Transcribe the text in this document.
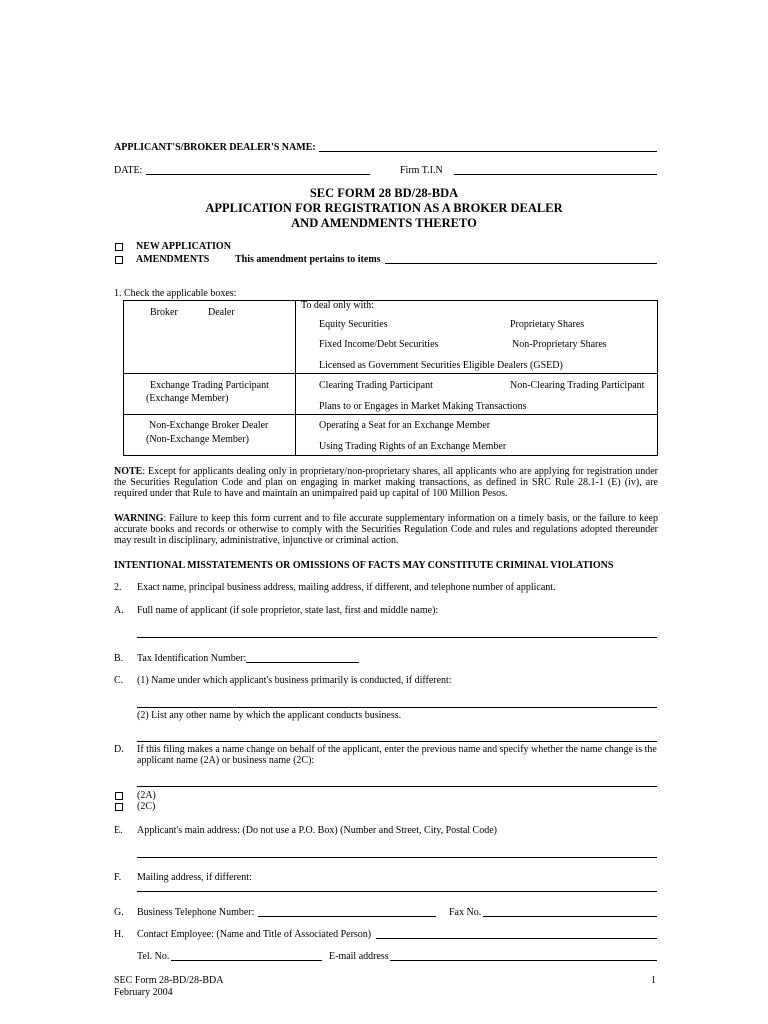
APPLICANT'S/BROKER DEALER'S NAME:
DATE:	Firm T.I.N
SEC FORM 28 BD/28-BDA
APPLICATION FOR REGISTRATION AS A BROKER DEALER
AND AMENDMENTS THERETO
NEW APPLICATION
AMENDMENTS	This amendment pertains to items
1. Check the applicable boxes:
Broker	Dealer
To deal only with:
Equity Securities	Proprietary Shares
Fixed Income/Debt Securities	Non-Proprietary Shares
Licensed as Government Securities Eligible Dealers (GSED)
Exchange Trading Participant
(Exchange Member)
Clearing Trading Participant	Non-Clearing Trading Participant
Plans to or Engages in Market Making Transactions
Non-Exchange Broker Dealer
(Non-Exchange Member)
Operating a Seat for an Exchange Member
Using Trading Rights of an Exchange Member
NOTE: Except for applicants dealing only in proprietary/non-proprietary shares, all applicants who are applying for registration under the Securities Regulation Code and plan on engaging in market making transactions, as defined in SRC Rule 28.1-1 (E) (iv), are required under that Rule to have and maintain an unimpaired paid up capital of 100 Million Pesos.
WARNING: Failure to keep this form current and to file accurate supplementary information on a timely basis, or the failure to keep accurate books and records or otherwise to comply with the Securities Regulation Code and rules and regulations adopted thereunder may result in disciplinary, administrative, injunctive or criminal action.
INTENTIONAL MISSTATEMENTS OR OMISSIONS OF FACTS MAY CONSTITUTE CRIMINAL VIOLATIONS
2. Exact name, principal business address, mailing address, if different, and telephone number of applicant.
A. Full name of applicant (if sole proprietor, state last, first and middle name):
B. Tax Identification Number:
C. (1) Name under which applicant's business primarily is conducted, if different:
(2) List any other name by which the applicant conducts business.
D. If this filing makes a name change on behalf of the applicant, enter the previous name and specify whether the name change is the applicant name (2A) or business name (2C):
(2A)
(2C)
E. Applicant's main address: (Do not use a P.O. Box) (Number and Street, City, Postal Code)
F. Mailing address, if different:
G. Business Telephone Number:	Fax No.
H. Contact Employee: (Name and Title of Associated Person)
Tel. No.	E-mail address
SEC Form 28-BD/28-BDA
February 2004
1
